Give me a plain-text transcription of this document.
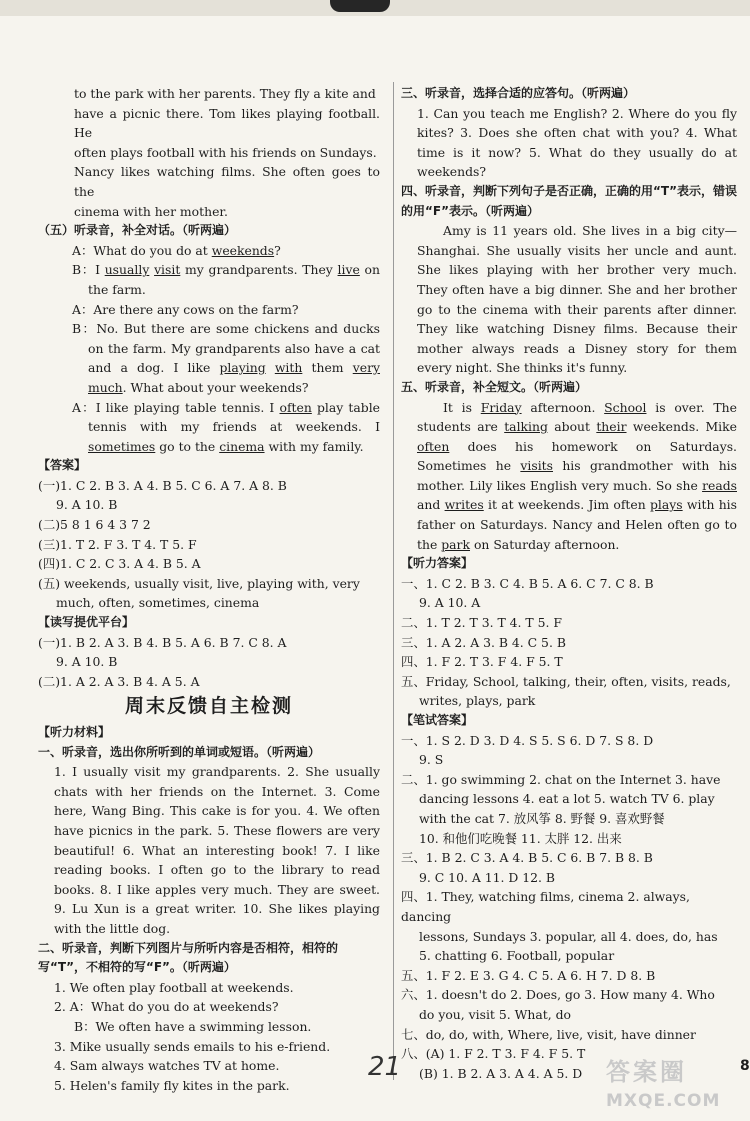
to the park with her parents. They fly a kite and

have a picnic there. Tom likes playing football. He

often plays football with his friends on Sundays.

Nancy likes watching films. She often goes to the

cinema with her mother.

（五）听录音，补全对话。（听两遍）

A：What do you do at weekends?

B：I usually visit my grandparents. They live on the farm.

A：Are there any cows on the farm?

B：No. But there are some chickens and ducks on the farm. My grandparents also have a cat and a dog. I like playing with them very much. What about your weekends?

A：I like playing table tennis. I often play table tennis with my friends at weekends. I sometimes go to the cinema with my family.

【答案】

(一)1. C 2. B 3. A 4. B 5. C 6. A 7. A 8. B

9. A 10. B

(二)5 8 1 6 4 3 7 2

(三)1. T 2. F 3. T 4. T 5. F

(四)1. C 2. C 3. A 4. B 5. A

(五) weekends, usually visit, live, playing with, very

much, often, sometimes, cinema

【读写提优平台】

(一)1. B 2. A 3. B 4. B 5. A 6. B 7. C 8. A

9. A 10. B

(二)1. A 2. A 3. B 4. A 5. A

周末反馈自主检测

【听力材料】

一、听录音，选出你所听到的单词或短语。（听两遍）

1. I usually visit my grandparents. 2. She usually chats with her friends on the Internet. 3. Come here, Wang Bing. This cake is for you. 4. We often have picnics in the park. 5. These flowers are very beautiful! 6. What an interesting book! 7. I like reading books. I often go to the library to read books. 8. I like apples very much. They are sweet. 9. Lu Xun is a great writer. 10. She likes playing with the little dog.

二、听录音，判断下列图片与所听内容是否相符，相符的写“T”，不相符的写“F”。（听两遍）

1. We often play football at weekends.

2. A：What do you do at weekends?

B：We often have a swimming lesson.

3. Mike usually sends emails to his e-friend.

4. Sam always watches TV at home.

5. Helen's family fly kites in the park.

三、听录音，选择合适的应答句。（听两遍）

1. Can you teach me English? 2. Where do you fly kites? 3. Does she often chat with you? 4. What time is it now? 5. What do they usually do at weekends?

四、听录音，判断下列句子是否正确，正确的用“T”表示，错误的用“F”表示。（听两遍）

Amy is 11 years old. She lives in a big city—Shanghai. She usually visits her uncle and aunt. She likes playing with her brother very much. They often have a big dinner. She and her brother go to the cinema with their parents after dinner. They like watching Disney films. Because their mother always reads a Disney story for them every night. She thinks it's funny.

五、听录音，补全短文。（听两遍）

It is Friday afternoon. School is over. The students are talking about their weekends. Mike often does his homework on Saturdays. Sometimes he visits his grandmother with his mother. Lily likes English very much. So she reads and writes it at weekends. Jim often plays with his father on Saturdays. Nancy and Helen often go to the park on Saturday afternoon.

【听力答案】

一、1. C 2. B 3. C 4. B 5. A 6. C 7. C 8. B

9. A 10. A

二、1. T 2. T 3. T 4. T 5. F

三、1. A 2. A 3. B 4. C 5. B

四、1. F 2. T 3. F 4. F 5. T

五、Friday, School, talking, their, often, visits, reads,

writes, plays, park

【笔试答案】

一、1. S 2. D 3. D 4. S 5. S 6. D 7. S 8. D

9. S

二、1. go swimming 2. chat on the Internet 3. have

dancing lessons 4. eat a lot 5. watch TV 6. play

with the cat 7. 放风筝 8. 野餐 9. 喜欢野餐

10. 和他们吃晚餐 11. 太胖 12. 出来

三、1. B 2. C 3. A 4. B 5. C 6. B 7. B 8. B

9. C 10. A 11. D 12. B

四、1. They, watching films, cinema 2. always, dancing

lessons, Sundays 3. popular, all 4. does, do, has

5. chatting 6. Football, popular

五、1. F 2. E 3. G 4. C 5. A 6. H 7. D 8. B

六、1. doesn't do 2. Does, go 3. How many 4. Who

do you, visit 5. What, do

七、do, do, with, Where, live, visit, have dinner

八、(A) 1. F 2. T 3. F 4. F 5. T

(B) 1. B 2. A 3. A 4. A 5. D

21	答案圈
MXQE.COM
8
